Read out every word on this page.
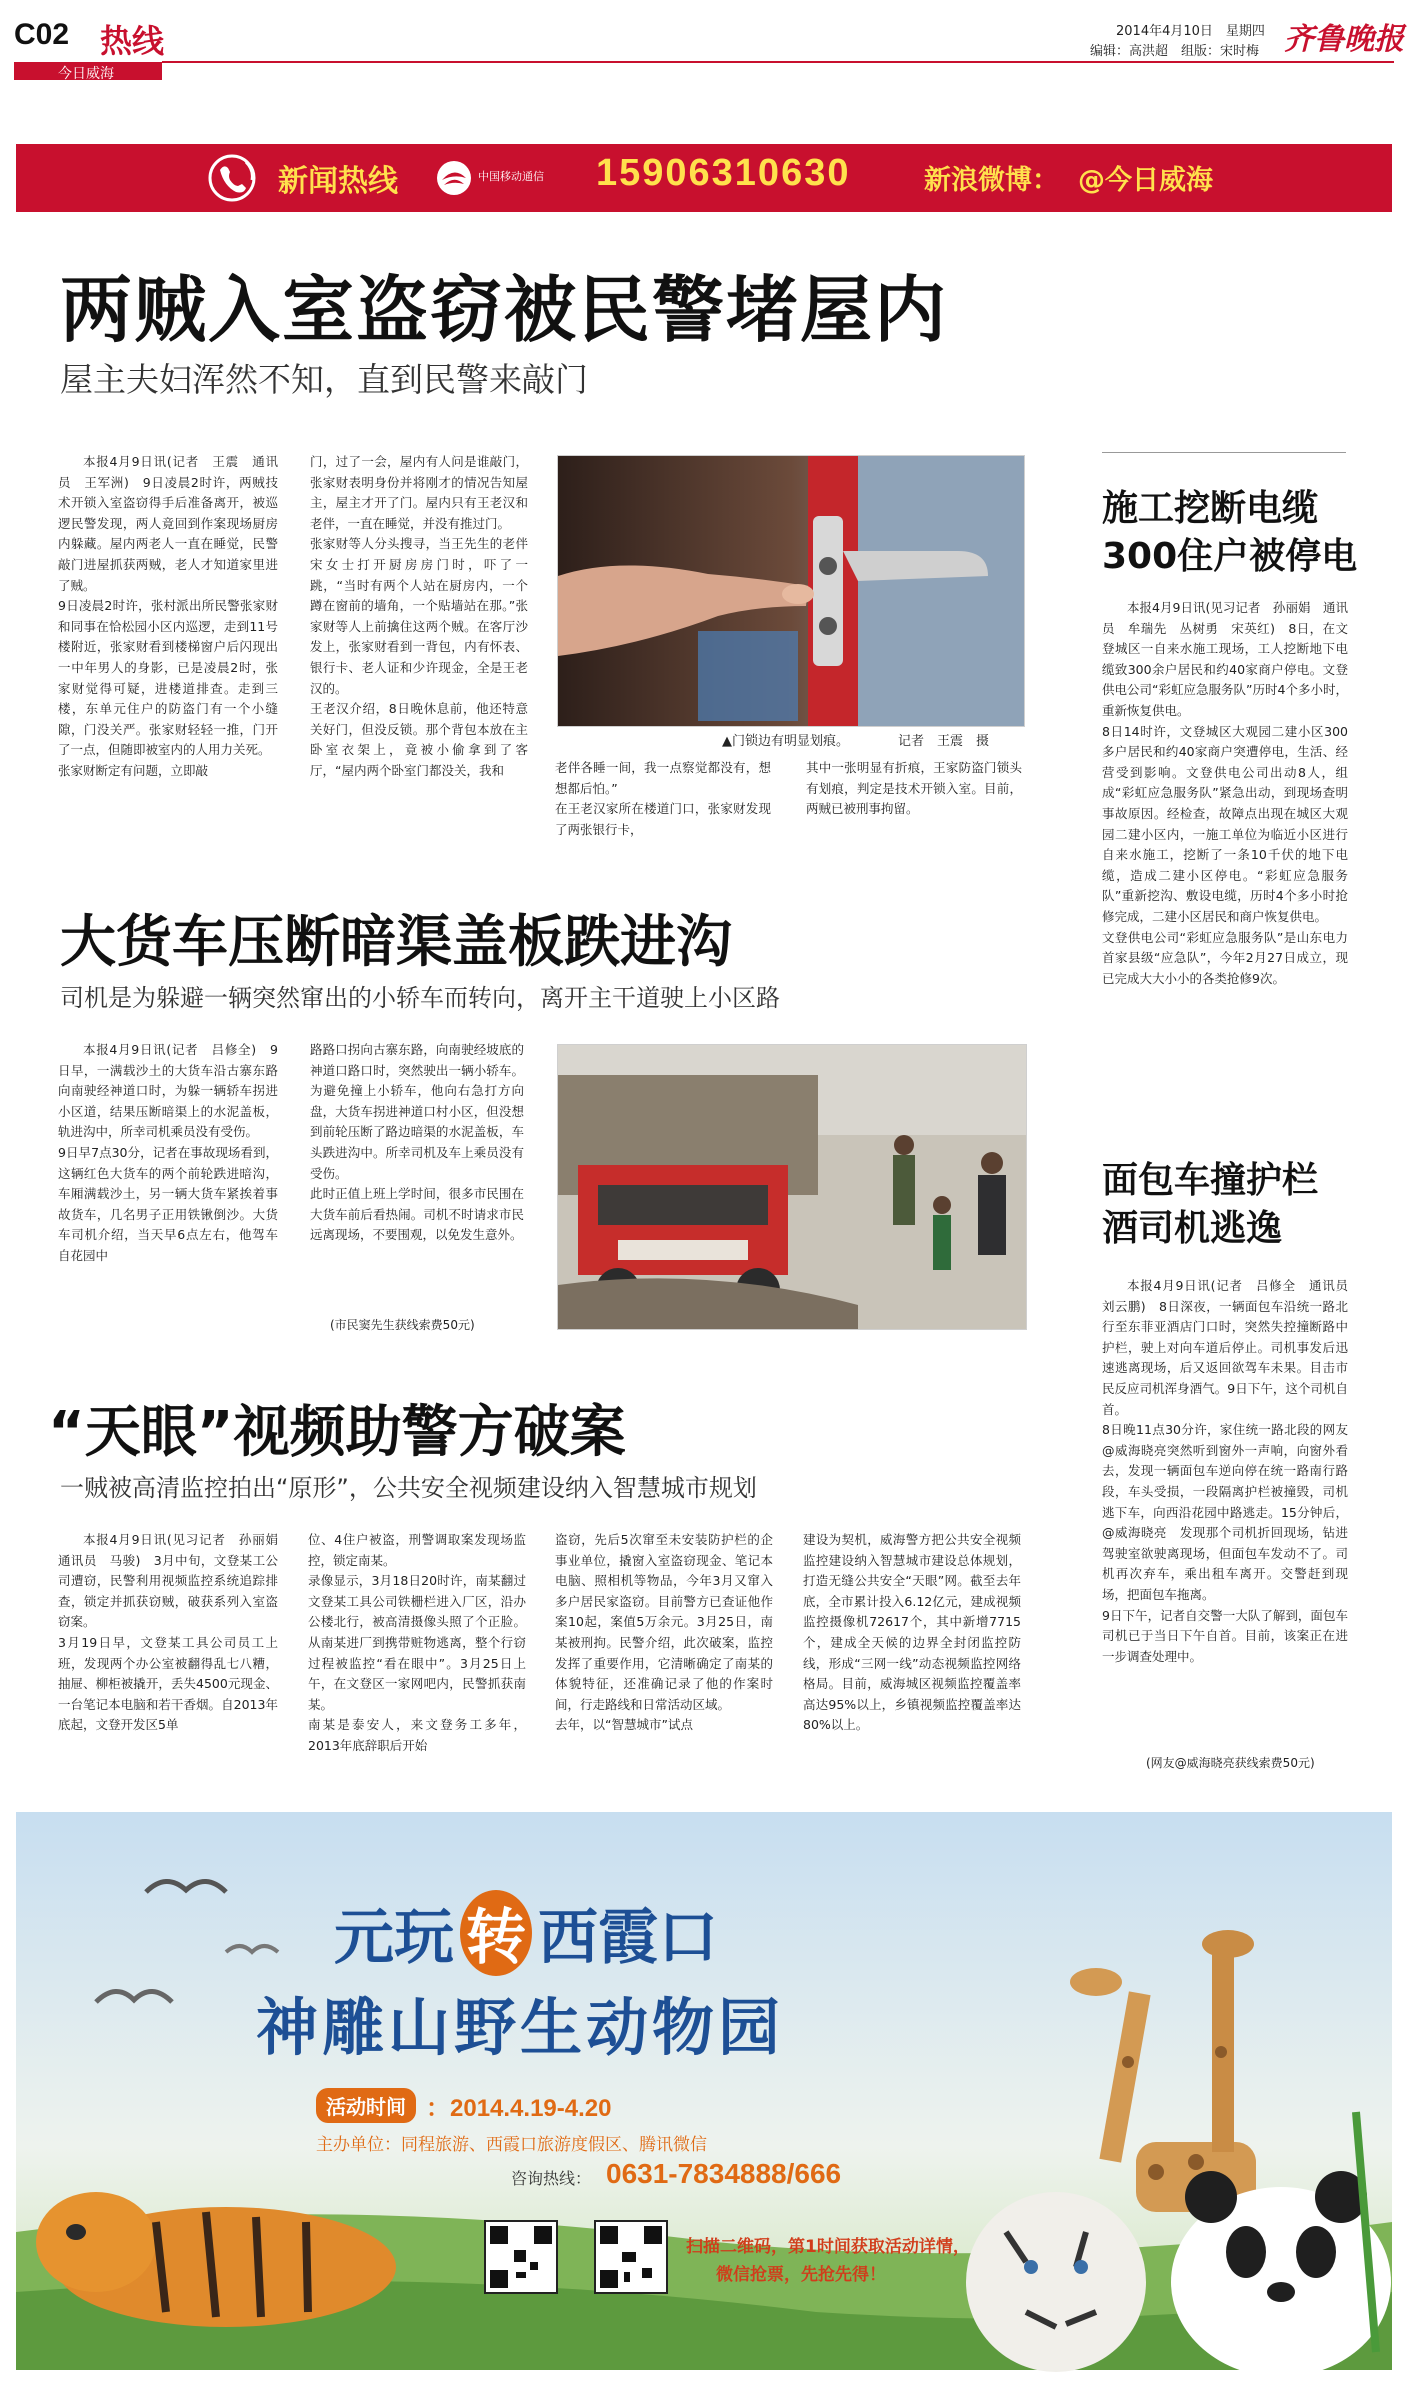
C02 热线
今日威海
2014年4月10日　星期四
编辑：高洪超　组版：宋时梅 齐鲁晚报
新闻热线	中国移动通信 15906310630	新浪微博： @今日威海
两贼入室盗窃被民警堵屋内
屋主夫妇浑然不知，直到民警来敲门

本报4月9日讯(记者　王震　通讯员　王军洲)　9日凌晨2时许，两贼技术开锁入室盗窃得手后准备离开，被巡逻民警发现，两人竟回到作案现场厨房内躲藏。屋内两老人一直在睡觉，民警敲门进屋抓获两贼，老人才知道家里进了贼。
9日凌晨2时许，张村派出所民警张家财和同事在恰松园小区内巡逻，走到11号楼附近，张家财看到楼梯窗户后闪现出一中年男人的身影，已是凌晨2时，张家财觉得可疑，进楼道排查。走到三楼，东单元住户的防盗门有一个小缝隙，门没关严。张家财轻轻一推，门开了一点，但随即被室内的人用力关死。
张家财断定有问题，立即敲

门，过了一会，屋内有人问是谁敲门，张家财表明身份并将刚才的情况告知屋主，屋主才开了门。屋内只有王老汉和老伴，一直在睡觉，并没有推过门。
张家财等人分头搜寻，当王先生的老伴宋女士打开厨房房门时，吓了一跳，“当时有两个人站在厨房内，一个蹲在窗前的墙角，一个贴墙站在那。”张家财等人上前擒住这两个贼。在客厅沙发上，张家财看到一背包，内有怀表、银行卡、老人证和少许现金，全是王老汉的。
王老汉介绍，8日晚休息前，他还特意关好门，但没反锁。那个背包本放在主卧室衣架上，竟被小偷拿到了客厅，“屋内两个卧室门都没关，我和

▲门锁边有明显划痕。	记者　王震　摄

老伴各睡一间，我一点察觉都没有，想想都后怕。”
在王老汉家所在楼道门口，张家财发现了两张银行卡，

其中一张明显有折痕，王家防盗门锁头有划痕，判定是技术开锁入室。目前，两贼已被刑事拘留。

大货车压断暗渠盖板跌进沟
司机是为躲避一辆突然窜出的小轿车而转向，离开主干道驶上小区路

本报4月9日讯(记者　吕修全)　9日早，一满载沙土的大货车沿古寨东路向南驶经神道口时，为躲一辆轿车拐进小区道，结果压断暗渠上的水泥盖板，轨进沟中，所幸司机乘员没有受伤。
9日早7点30分，记者在事故现场看到，这辆红色大货车的两个前轮跌进暗沟，车厢满载沙土，另一辆大货车紧挨着事故货车，几名男子正用铁锹倒沙。大货车司机介绍，当天早6点左右，他驾车自花园中

路路口拐向古寨东路，向南驶经坡底的神道口路口时，突然驶出一辆小轿车。为避免撞上小轿车，他向右急打方向盘，大货车拐进神道口村小区，但没想到前轮压断了路边暗渠的水泥盖板，车头跌进沟中。所幸司机及车上乘员没有受伤。
此时正值上班上学时间，很多市民围在大货车前后看热闹。司机不时请求市民远离现场，不要围观，以免发生意外。

(市民窦先生获线索费50元)
“天眼”视频助警方破案
一贼被高清监控拍出“原形”，公共安全视频建设纳入智慧城市规划

本报4月9日讯(见习记者　孙丽娟　通讯员　马骏)　3月中旬，文登某工公司遭窃，民警利用视频监控系统追踪排查，锁定并抓获窃贼，破获系列入室盗窃案。
3月19日早，文登某工具公司员工上班，发现两个办公室被翻得乱七八糟，抽屉、柳柜被撬开，丢失4500元现金、一台笔记本电脑和若干香烟。自2013年底起，文登开发区5单

位、4住户被盗，刑警调取案发现场监控，锁定南某。
录像显示，3月18日20时许，南某翻过文登某工具公司铁栅栏进入厂区，沿办公楼北行，被高清摄像头照了个正脸。从南某进厂到携带赃物逃离，整个行窃过程被监控“看在眼中”。3月25日上午，在文登区一家网吧内，民警抓获南某。
南某是泰安人，来文登务工多年，2013年底辞职后开始

盗窃，先后5次窜至未安装防护栏的企事业单位，撬窗入室盗窃现金、笔记本电脑、照相机等物品，今年3月又窜入多户居民家盗窃。目前警方已查证他作案10起，案值5万余元。3月25日，南某被刑拘。民警介绍，此次破案，监控发挥了重要作用，它清晰确定了南某的体貌特征，还准确记录了他的作案时间，行走路线和日常活动区域。
去年，以“智慧城市”试点

建设为契机，威海警方把公共安全视频监控建设纳入智慧城市建设总体规划，打造无缝公共安全“天眼”网。截至去年底，全市累计投入6.12亿元，建成视频监控摄像机72617个，其中新增7715个，建成全天候的边界全封闭监控防线，形成“三网一线”动态视频监控网络格局。目前，威海城区视频监控覆盖率高达95%以上，乡镇视频监控覆盖率达80%以上。

施工挖断电缆
300住户被停电

本报4月9日讯(见习记者　孙丽娟　通讯员　牟瑞先　丛树勇　宋英红)　8日，在文登城区一自来水施工现场，工人挖断地下电缆致300余户居民和约40家商户停电。文登供电公司“彩虹应急服务队”历时4个多小时，重新恢复供电。
8日14时许，文登城区大观园二建小区300多户居民和约40家商户突遭停电，生活、经营受到影响。文登供电公司出动8人，组成“彩虹应急服务队”紧急出动，到现场查明事故原因。经检查，故障点出现在城区大观园二建小区内，一施工单位为临近小区进行自来水施工，挖断了一条10千伏的地下电缆，造成二建小区停电。“彩虹应急服务队”重新挖沟、敷设电缆，历时4个多小时抢修完成，二建小区居民和商户恢复供电。
文登供电公司“彩虹应急服务队”是山东电力首家县级“应急队”，今年2月27日成立，现已完成大大小小的各类抢修9次。

面包车撞护栏
酒司机逃逸

本报4月9日讯(记者　吕修全　通讯员　刘云鹏)　8日深夜，一辆面包车沿统一路北行至东菲亚酒店门口时，突然失控撞断路中护栏，驶上对向车道后停止。司机事发后迅速逃离现场，后又返回欲驾车未果。目击市民反应司机浑身酒气。9日下午，这个司机自首。
8日晚11点30分许，家住统一路北段的网友　@威海晓亮突然听到窗外一声响，向窗外看去，发现一辆面包车逆向停在统一路南行路段，车头受损，一段隔离护栏被撞毁，司机逃下车，向西沿花园中路逃走。15分钟后，@威海晓亮　发现那个司机折回现场，钻进驾驶室欲驶离现场，但面包车发动不了。司机再次弃车，乘出租车离开。交警赶到现场，把面包车拖离。
9日下午，记者自交警一大队了解到，面包车司机已于当日下午自首。目前，该案正在进一步调查处理中。

(网友@威海晓亮获线索费50元)
元玩 转 西霞口
神雕山野生动物园
活动时间 ：2014.4.19-4.20
主办单位：同程旅游、西霞口旅游度假区、腾讯微信
咨询热线： 0631-7834888/666
扫描二维码，第1时间获取活动详情，
微信抢票，先抢先得！
